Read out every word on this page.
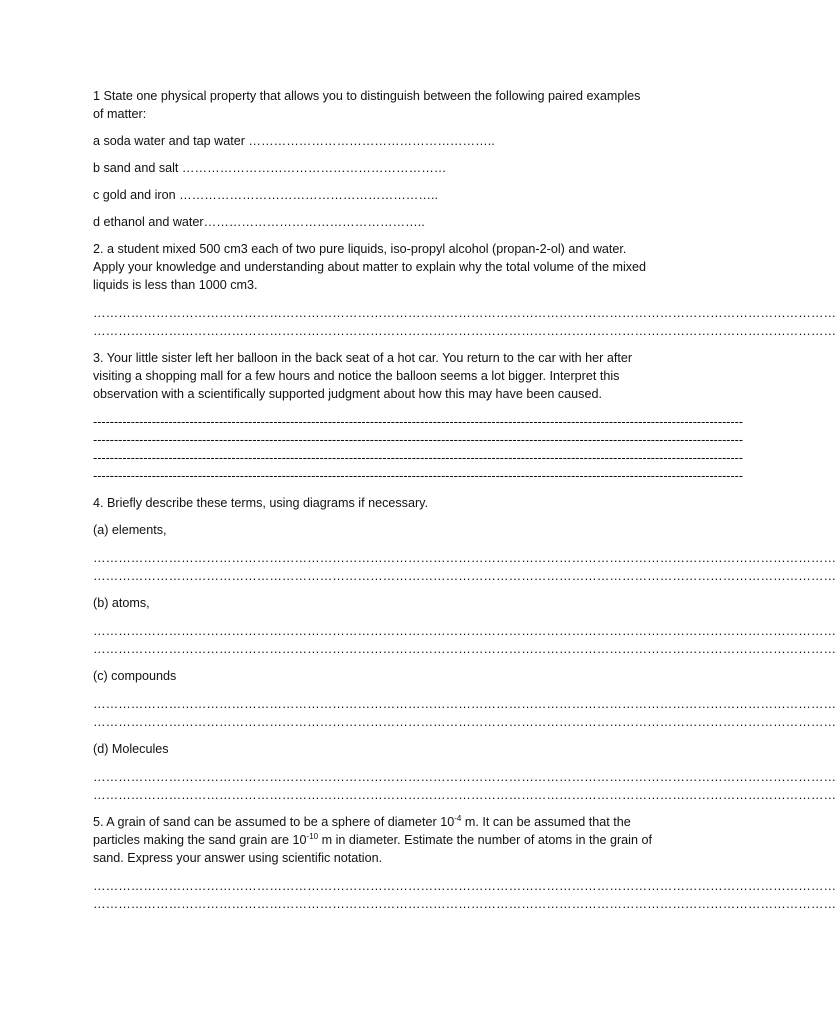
1 State one physical property that allows you to distinguish between the following paired examples

of matter:

a soda water and tap water …………………………………………………..

b sand and salt ………………………………………………………

c gold and iron ……………………………………………………..

d ethanol and water……………………………………………..

2. a student mixed 500 cm3 each of two pure liquids, iso-propyl alcohol (propan-2-ol) and water.

Apply your knowledge and understanding about matter to explain why the total volume of the mixed

liquids is less than 1000 cm3.

……………………………………………………………………………………………………………………………………………………………

……………………………………………………………………………………………………………………………………………………………

3. Your little sister left her balloon in the back seat of a hot car. You return to the car with her after

visiting a shopping mall for a few hours and notice the balloon seems a lot bigger. Interpret this

observation with a scientifically supported judgment about how this may have been caused.

-----------------------------------------------------------------------------------------------------------------------------------------------------------

-----------------------------------------------------------------------------------------------------------------------------------------------------------

-----------------------------------------------------------------------------------------------------------------------------------------------------------

-----------------------------------------------------------------------------------------------------------------------------------------------------------

4. Briefly describe these terms, using diagrams if necessary.

(a) elements,

……………………………………………………………………………………………………………………………………………………………

……………………………………………………………………………………………………………………………………………………………

(b) atoms,

……………………………………………………………………………………………………………………………………………………………

……………………………………………………………………………………………………………………………………………………………

(c) compounds

……………………………………………………………………………………………………………………………………………………………

……………………………………………………………………………………………………………………………………………………………

(d) Molecules

……………………………………………………………………………………………………………………………………………………………

……………………………………………………………………………………………………………………………………………………………

5. A grain of sand can be assumed to be a sphere of diameter $10^{-4}$ m. It can be assumed that the

particles making the sand grain are $10^{-10}$ m in diameter. Estimate the number of atoms in the grain of

sand. Express your answer using scientific notation.

……………………………………………………………………………………………………………………………………………………………

……………………………………………………………………………………………………………………………………………………………
